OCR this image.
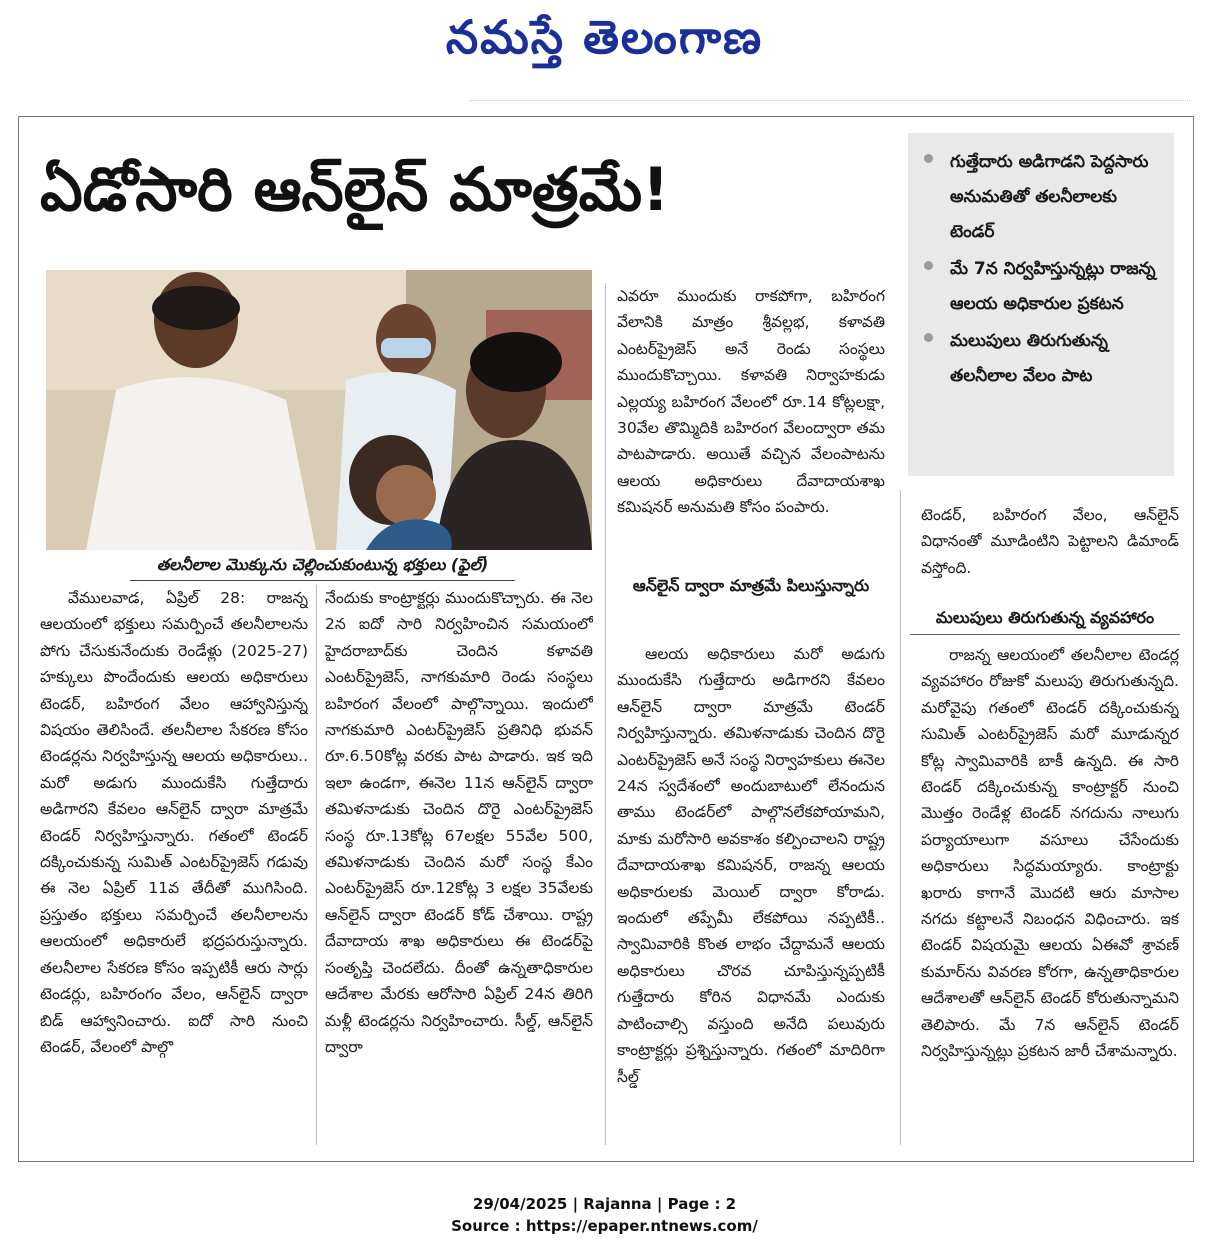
నమస్తే తెలంగాణ
ఏడోసారి ఆన్‌లైన్ మాత్రమే!	గుత్తేదారు అడిగాడని పెద్దసారు అనుమతితో తలనీలాలకు టెండర్
మే 7న నిర్వహిస్తున్నట్లు రాజన్న ఆలయ అధికారుల ప్రకటన
మలుపులు తిరుగుతున్న తలనీలాల వేలం పాట
తలనీలాల మొక్కును చెల్లించుకుంటున్న భక్తులు (ఫైల్)

వేములవాడ, ఏప్రిల్ 28: రాజన్న ఆలయంలో భక్తులు సమర్పించే తలనీలాలను పోగు చేసుకునేందుకు రెండేళ్లు (2025-27) హక్కులు పొందేందుకు ఆలయ అధికారులు టెండర్, బహిరంగ వేలం ఆహ్వానిస్తున్న విషయం తెలిసిందే. తలనీలాల సేకరణ కోసం టెండర్లను నిర్వహిస్తున్న ఆలయ అధికారులు.. మరో అడుగు ముందుకేసి గుత్తేదారు అడిగారని కేవలం ఆన్‌లైన్ ద్వారా మాత్రమే టెండర్ నిర్వహిస్తున్నారు. గతంలో టెండర్ దక్కించుకున్న సుమిత్ ఎంటర్‌ప్రైజెస్ గడువు ఈ నెల ఏప్రిల్ 11వ తేదీతో ముగిసింది. ప్రస్తుతం భక్తులు సమర్పించే తలనీలాలను ఆలయంలో అధికారులే భద్రపరుస్తున్నారు. తలనీలాల సేకరణ కోసం ఇప్పటికీ ఆరు సార్లు టెండర్లు, బహిరంగం వేలం, ఆన్‌లైన్ ద్వారా బిడ్ ఆహ్వానించారు. ఐదో సారి నుంచి టెండర్, వేలంలో పాల్గొ

నేందుకు కాంట్రాక్టర్లు ముందుకొచ్చారు. ఈ నెల 2న ఐదో సారి నిర్వహించిన సమయంలో హైదరాబాద్‌కు చెందిన కళావతి ఎంటర్‌ప్రైజెస్, నాగకుమారి రెండు సంస్థలు బహిరంగ వేలంలో పాల్గొన్నాయి. ఇందులో నాగకుమారి ఎంటర్‌ప్రైజెస్ ప్రతినిధి భువన్ రూ.6.50కోట్ల వరకు పాట పాడారు. ఇక ఇది ఇలా ఉండగా, ఈనెల 11న ఆన్‌లైన్ ద్వారా తమిళనాడుకు చెందిన దొరై ఎంటర్‌ప్రైజెస్ సంస్థ రూ.13కోట్ల 67లక్షల 55వేల 500, తమిళనాడుకు చెందిన మరో సంస్థ కేఎం ఎంటర్‌ప్రైజెస్ రూ.12కోట్ల 3 లక్షల 35వేలకు ఆన్‌లైన్ ద్వారా టెండర్ కోడ్ చేశాయి. రాష్ట్ర దేవాదాయ శాఖ అధికారులు ఈ టెండర్‌పై సంతృప్తి చెందలేదు. దీంతో ఉన్నతాధికారుల ఆదేశాల మేరకు ఆరోసారి ఏప్రిల్ 24న తిరిగి మళ్లీ టెండర్లను నిర్వహించారు. సీల్డ్, ఆన్‌లైన్ ద్వారా

ఎవరూ ముందుకు రాకపోగా, బహిరంగ వేలానికి మాత్రం శ్రీవల్లభ, కళావతి ఎంటర్‌ప్రైజెస్ అనే రెండు సంస్థలు ముందుకొచ్చాయి. కళావతి నిర్వాహకుడు ఎల్లయ్య బహిరంగ వేలంలో రూ.14 కోట్లలక్షా, 30వేల తొమ్మిదికి బహిరంగ వేలంద్వారా తమ పాటపాడారు. అయితే వచ్చిన వేలంపాటను ఆలయ అధికారులు దేవాదాయశాఖ కమిషనర్ అనుమతి కోసం పంపారు.

ఆన్‌లైన్ ద్వారా మాత్రమే పిలుస్తున్నారు

ఆలయ అధికారులు మరో అడుగు ముందుకేసి గుత్తేదారు అడిగారని కేవలం ఆన్‌లైన్ ద్వారా మాత్రమే టెండర్ నిర్వహిస్తున్నారు. తమిళనాడుకు చెందిన దొరై ఎంటర్‌ప్రైజెస్ అనే సంస్థ నిర్వాహకులు ఈనెల 24న స్వదేశంలో అందుబాటులో లేనందున తాము టెండర్‌లో పాల్గొనలేకపోయామని, మాకు మరోసారి అవకాశం కల్పించాలని రాష్ట్ర దేవాదాయశాఖ కమిషనర్, రాజన్న ఆలయ అధికారులకు మెయిల్ ద్వారా కోరాడు. ఇందులో తప్పేమీ లేకపోయి నప్పటికీ.. స్వామివారికి కొంత లాభం చేద్దామనే ఆలయ అధికారులు చొరవ చూపిస్తున్నప్పటికీ గుత్తేదారు కోరిన విధానమే ఎందుకు పాటించాల్సి వస్తుంది అనేది పలువురు కాంట్రాక్టర్లు ప్రశ్నిస్తున్నారు. గతంలో మాదిరిగా సీల్డ్

టెండర్, బహిరంగ వేలం, ఆన్‌లైన్ విధానంతో మూడింటిని పెట్టాలని డిమాండ్ వస్తోంది.

మలుపులు తిరుగుతున్న వ్యవహారం

రాజన్న ఆలయంలో తలనీలాల టెండర్ల వ్యవహారం రోజుకో మలుపు తిరుగుతున్నది. మరోవైపు గతంలో టెండర్ దక్కించుకున్న సుమిత్ ఎంటర్‌ప్రైజెస్ మరో మూడున్నర కోట్ల స్వామివారికి బాకీ ఉన్నది. ఈ సారి టెండర్ దక్కించుకున్న కాంట్రాక్టర్ నుంచి మొత్తం రెండేళ్ల టెండర్ నగదును నాలుగు పర్యాయాలుగా వసూలు చేసేందుకు అధికారులు సిద్ధమయ్యారు. కాంట్రాక్టు ఖరారు కాగానే మొదటి ఆరు మాసాల నగదు కట్టాలనే నిబంధన విధించారు. ఇక టెండర్ విషయమై ఆలయ ఏఈవో శ్రావణ్ కుమార్‌ను వివరణ కోరగా, ఉన్నతాధికారుల ఆదేశాలతో ఆన్‌లైన్ టెండర్ కోరుతున్నామని తెలిపారు. మే 7న ఆన్‌లైన్ టెండర్ నిర్వహిస్తున్నట్లు ప్రకటన జారీ చేశామన్నారు.

29/04/2025 | Rajanna | Page : 2
Source : https://epaper.ntnews.com/
